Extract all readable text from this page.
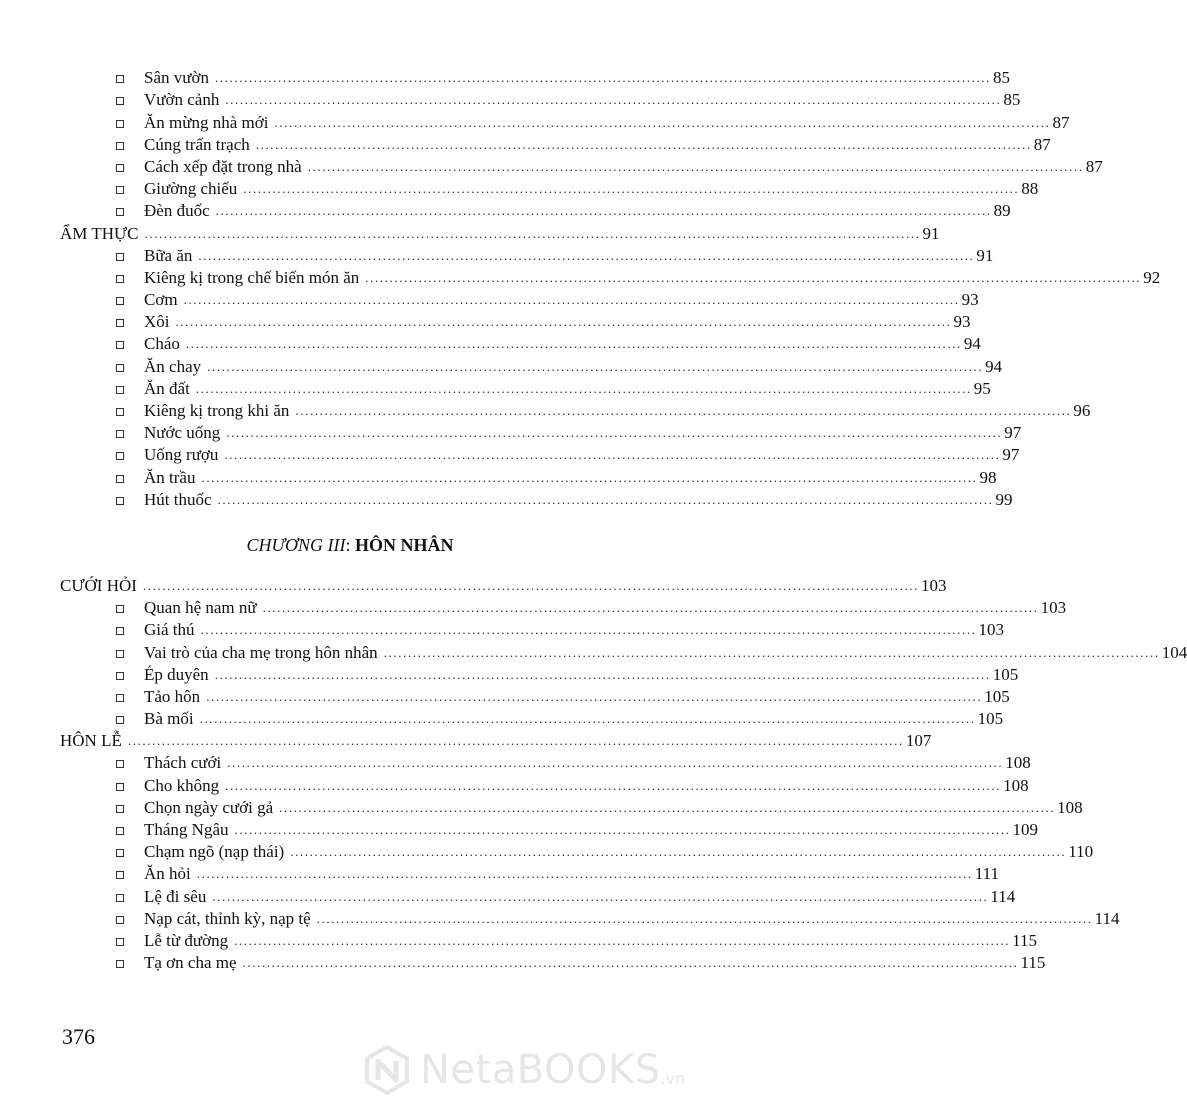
Sân vườn ................................................................................................................................................................ 85
Vườn cảnh ................................................................................................................................................................ 85
Ăn mừng nhà mới ................................................................................................................................................................ 87
Cúng trấn trạch ................................................................................................................................................................ 87
Cách xếp đặt trong nhà ................................................................................................................................................................ 87
Giường chiếu ................................................................................................................................................................ 88
Đèn đuốc ................................................................................................................................................................ 89
ẨM THỰC ................................................................................................................................................................ 91
Bữa ăn ................................................................................................................................................................ 91
Kiêng kị trong chế biến món ăn ................................................................................................................................................................ 92
Cơm ................................................................................................................................................................ 93
Xôi ................................................................................................................................................................ 93
Cháo ................................................................................................................................................................ 94
Ăn chay ................................................................................................................................................................ 94
Ăn đất ................................................................................................................................................................ 95
Kiêng kị trong khi ăn ................................................................................................................................................................ 96
Nước uống ................................................................................................................................................................ 97
Uống rượu ................................................................................................................................................................ 97
Ăn trầu ................................................................................................................................................................ 98
Hút thuốc ................................................................................................................................................................ 99
CHƯƠNG III: HÔN NHÂN
CƯỚI HỎI ................................................................................................................................................................ 103
Quan hệ nam nữ ................................................................................................................................................................ 103
Giá thú ................................................................................................................................................................ 103
Vai trò của cha mẹ trong hôn nhân ................................................................................................................................................................ 104
Ép duyên ................................................................................................................................................................ 105
Tảo hôn ................................................................................................................................................................ 105
Bà mối ................................................................................................................................................................ 105
HÔN LỄ ................................................................................................................................................................ 107
Thách cưới ................................................................................................................................................................ 108
Cho không ................................................................................................................................................................ 108
Chọn ngày cưới gả ................................................................................................................................................................ 108
Tháng Ngâu ................................................................................................................................................................ 109
Chạm ngõ (nạp thái) ................................................................................................................................................................ 110
Ăn hỏi ................................................................................................................................................................ 111
Lệ đi sêu ................................................................................................................................................................ 114
Nạp cát, thỉnh kỳ, nạp tệ ................................................................................................................................................................ 114
Lễ từ đường ................................................................................................................................................................ 115
Tạ ơn cha mẹ ................................................................................................................................................................ 115
376
NetaBOOKS .vn
